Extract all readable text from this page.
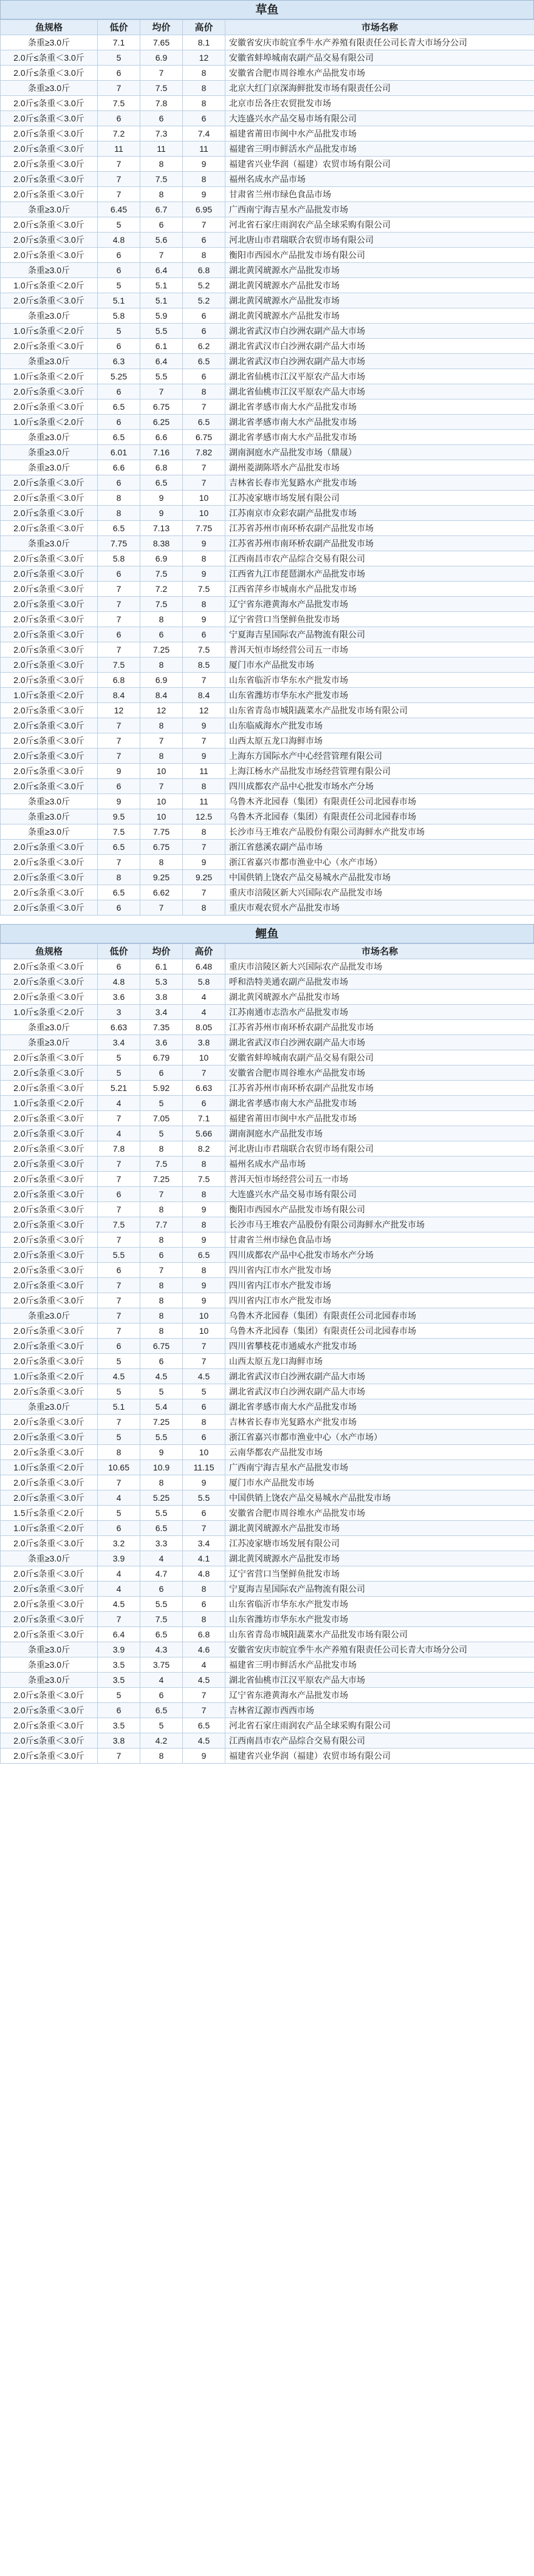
草鱼
鱼规格	低价	均价	高价	市场名称
条重≥3.0斤	7.1	7.65	8.1	安徽省安庆市皖宜季牛水产养殖有限责任公司长青大市场分公司
2.0斤≤条重＜3.0斤	5	6.9	12	安徽省蚌埠城南农副产品交易有限公司
2.0斤≤条重＜3.0斤	6	7	8	安徽省合肥市周谷堆水产品批发市场
条重≥3.0斤	7	7.5	8	北京大红门京深海鲜批发市场有限责任公司
2.0斤≤条重＜3.0斤	7.5	7.8	8	北京市岳各庄农贸批发市场
2.0斤≤条重＜3.0斤	6	6	6	大连盛兴水产品交易市场有限公司
2.0斤≤条重＜3.0斤	7.2	7.3	7.4	福建省莆田市闽中水产品批发市场
2.0斤≤条重＜3.0斤	11	11	11	福建省三明市鲜活水产品批发市场
2.0斤≤条重＜3.0斤	7	8	9	福建省兴业华润（福建）农贸市场有限公司
2.0斤≤条重＜3.0斤	7	7.5	8	福州名成水产品市场
2.0斤≤条重＜3.0斤	7	8	9	甘肃省兰州市绿色食品市场
条重≥3.0斤	6.45	6.7	6.95	广西南宁海吉星水产品批发市场
2.0斤≤条重＜3.0斤	5	6	7	河北省石家庄雨润农产品全球采购有限公司
2.0斤≤条重＜3.0斤	4.8	5.6	6	河北唐山市君瑞联合农贸市场有限公司
2.0斤≤条重＜3.0斤	6	7	8	衡阳市西园水产品批发市场有限公司
条重≥3.0斤	6	6.4	6.8	湖北黄冈琥源水产品批发市场
1.0斤≤条重＜2.0斤	5	5.1	5.2	湖北黄冈琥源水产品批发市场
2.0斤≤条重＜3.0斤	5.1	5.1	5.2	湖北黄冈琥源水产品批发市场
条重≥3.0斤	5.8	5.9	6	湖北黄冈琥源水产品批发市场
1.0斤≤条重＜2.0斤	5	5.5	6	湖北省武汉市白沙洲农副产品大市场
2.0斤≤条重＜3.0斤	6	6.1	6.2	湖北省武汉市白沙洲农副产品大市场
条重≥3.0斤	6.3	6.4	6.5	湖北省武汉市白沙洲农副产品大市场
1.0斤≤条重＜2.0斤	5.25	5.5	6	湖北省仙桃市江汉平原农产品大市场
2.0斤≤条重＜3.0斤	6	7	8	湖北省仙桃市江汉平原农产品大市场
2.0斤≤条重＜3.0斤	6.5	6.75	7	湖北省孝感市南大水产品批发市场
1.0斤≤条重＜2.0斤	6	6.25	6.5	湖北省孝感市南大水产品批发市场
条重≥3.0斤	6.5	6.6	6.75	湖北省孝感市南大水产品批发市场
条重≥3.0斤	6.01	7.16	7.82	湖南洞庭水产品批发市场（鼎晟）
条重≥3.0斤	6.6	6.8	7	湖州菱湖陈塔水产品批发市场
2.0斤≤条重＜3.0斤	6	6.5	7	吉林省长春市光复路水产批发市场
2.0斤≤条重＜3.0斤	8	9	10	江苏凌家塘市场发展有限公司
2.0斤≤条重＜3.0斤	8	9	10	江苏南京市众彩农副产品批发市场
2.0斤≤条重＜3.0斤	6.5	7.13	7.75	江苏省苏州市南环桥农副产品批发市场
条重≥3.0斤	7.75	8.38	9	江苏省苏州市南环桥农副产品批发市场
2.0斤≤条重＜3.0斤	5.8	6.9	8	江西南昌市农产品综合交易有限公司
2.0斤≤条重＜3.0斤	6	7.5	9	江西省九江市琵琶湖水产品批发市场
2.0斤≤条重＜3.0斤	7	7.2	7.5	江西省萍乡市城南水产品批发市场
2.0斤≤条重＜3.0斤	7	7.5	8	辽宁省东港黄海水产品批发市场
2.0斤≤条重＜3.0斤	7	8	9	辽宁省营口当堡鲜鱼批发市场
2.0斤≤条重＜3.0斤	6	6	6	宁夏海吉星国际农产品物流有限公司
2.0斤≤条重＜3.0斤	7	7.25	7.5	普洱天恒市场经营公司五一市场
2.0斤≤条重＜3.0斤	7.5	8	8.5	厦门市水产品批发市场
2.0斤≤条重＜3.0斤	6.8	6.9	7	山东省临沂市华东水产批发市场
1.0斤≤条重＜2.0斤	8.4	8.4	8.4	山东省潍坊市华东水产批发市场
2.0斤≤条重＜3.0斤	12	12	12	山东省青岛市城阳蔬菜水产品批发市场有限公司
2.0斤≤条重＜3.0斤	7	8	9	山东临威海水产批发市场
2.0斤≤条重＜3.0斤	7	7	7	山西太原五龙口海鲜市场
2.0斤≤条重＜3.0斤	7	8	9	上海东方国际水产中心经营管理有限公司
2.0斤≤条重＜3.0斤	9	10	11	上海江杨水产品批发市场经营管理有限公司
2.0斤≤条重＜3.0斤	6	7	8	四川成都农产品中心批发市场水产分场
条重≥3.0斤	9	10	11	乌鲁木齐北园春（集团）有限责任公司北园春市场
条重≥3.0斤	9.5	10	12.5	乌鲁木齐北园春（集团）有限责任公司北园春市场
条重≥3.0斤	7.5	7.75	8	长沙市马王堆农产品股份有限公司海鲜水产批发市场
2.0斤≤条重＜3.0斤	6.5	6.75	7	浙江省慈溪农副产品市场
2.0斤≤条重＜3.0斤	7	8	9	浙江省嘉兴市都市渔业中心（水产市场）
2.0斤≤条重＜3.0斤	8	9.25	9.25	中国供销上饶农产品交易城水产品批发市场
2.0斤≤条重＜3.0斤	6.5	6.62	7	重庆市涪陵区新大兴国际农产品批发市场
2.0斤≤条重＜3.0斤	6	7	8	重庆市观农贸水产品批发市场
鲤鱼
鱼规格	低价	均价	高价	市场名称
2.0斤≤条重＜3.0斤	6	6.1	6.48	重庆市涪陵区新大兴国际农产品批发市场
2.0斤≤条重＜3.0斤	4.8	5.3	5.8	呼和浩特美通农副产品批发市场
2.0斤≤条重＜3.0斤	3.6	3.8	4	湖北黄冈琥源水产品批发市场
1.0斤≤条重＜2.0斤	3	3.4	4	江苏南通市志浩水产品批发市场
条重≥3.0斤	6.63	7.35	8.05	江苏省苏州市南环桥农副产品批发市场
条重≥3.0斤	3.4	3.6	3.8	湖北省武汉市白沙洲农副产品大市场
2.0斤≤条重＜3.0斤	5	6.79	10	安徽省蚌埠城南农副产品交易有限公司
2.0斤≤条重＜3.0斤	5	6	7	安徽省合肥市周谷堆水产品批发市场
2.0斤≤条重＜3.0斤	5.21	5.92	6.63	江苏省苏州市南环桥农副产品批发市场
1.0斤≤条重＜2.0斤	4	5	6	湖北省孝感市南大水产品批发市场
2.0斤≤条重＜3.0斤	7	7.05	7.1	福建省莆田市闽中水产品批发市场
2.0斤≤条重＜3.0斤	4	5	5.66	湖南洞庭水产品批发市场
2.0斤≤条重＜3.0斤	7.8	8	8.2	河北唐山市君瑞联合农贸市场有限公司
2.0斤≤条重＜3.0斤	7	7.5	8	福州名成水产品市场
2.0斤≤条重＜3.0斤	7	7.25	7.5	普洱天恒市场经营公司五一市场
2.0斤≤条重＜3.0斤	6	7	8	大连盛兴水产品交易市场有限公司
2.0斤≤条重＜3.0斤	7	8	9	衡阳市西园水产品批发市场有限公司
2.0斤≤条重＜3.0斤	7.5	7.7	8	长沙市马王堆农产品股份有限公司海鲜水产批发市场
2.0斤≤条重＜3.0斤	7	8	9	甘肃省兰州市绿色食品市场
2.0斤≤条重＜3.0斤	5.5	6	6.5	四川成都农产品中心批发市场水产分场
2.0斤≤条重＜3.0斤	6	7	8	四川省内江市水产批发市场
2.0斤≤条重＜3.0斤	7	8	9	四川省内江市水产批发市场
2.0斤≤条重＜3.0斤	7	8	9	四川省内江市水产批发市场
条重≥3.0斤	7	8	10	乌鲁木齐北园春（集团）有限责任公司北园春市场
2.0斤≤条重＜3.0斤	7	8	10	乌鲁木齐北园春（集团）有限责任公司北园春市场
2.0斤≤条重＜3.0斤	6	6.75	7	四川省攀枝花市通威水产批发市场
2.0斤≤条重＜3.0斤	5	6	7	山西太原五龙口海鲜市场
1.0斤≤条重＜2.0斤	4.5	4.5	4.5	湖北省武汉市白沙洲农副产品大市场
2.0斤≤条重＜3.0斤	5	5	5	湖北省武汉市白沙洲农副产品大市场
条重≥3.0斤	5.1	5.4	6	湖北省孝感市南大水产品批发市场
2.0斤≤条重＜3.0斤	7	7.25	8	吉林省长春市光复路水产批发市场
2.0斤≤条重＜3.0斤	5	5.5	6	浙江省嘉兴市都市渔业中心（水产市场）
2.0斤≤条重＜3.0斤	8	9	10	云南华都农产品批发市场
1.0斤≤条重＜2.0斤	10.65	10.9	11.15	广西南宁海吉星水产品批发市场
2.0斤≤条重＜3.0斤	7	8	9	厦门市水产品批发市场
2.0斤≤条重＜3.0斤	4	5.25	5.5	中国供销上饶农产品交易城水产品批发市场
1.5斤≤条重＜2.0斤	5	5.5	6	安徽省合肥市周谷堆水产品批发市场
1.0斤≤条重＜2.0斤	6	6.5	7	湖北黄冈琥源水产品批发市场
2.0斤≤条重＜3.0斤	3.2	3.3	3.4	江苏凌家塘市场发展有限公司
条重≥3.0斤	3.9	4	4.1	湖北黄冈琥源水产品批发市场
2.0斤≤条重＜3.0斤	4	4.7	4.8	辽宁省营口当堡鲜鱼批发市场
2.0斤≤条重＜3.0斤	4	6	8	宁夏海吉星国际农产品物流有限公司
2.0斤≤条重＜3.0斤	4.5	5.5	6	山东省临沂市华东水产批发市场
2.0斤≤条重＜3.0斤	7	7.5	8	山东省潍坊市华东水产批发市场
2.0斤≤条重＜3.0斤	6.4	6.5	6.8	山东省青岛市城阳蔬菜水产品批发市场有限公司
条重≥3.0斤	3.9	4.3	4.6	安徽省安庆市皖宜季牛水产养殖有限责任公司长青大市场分公司
条重≥3.0斤	3.5	3.75	4	福建省三明市鲜活水产品批发市场
条重≥3.0斤	3.5	4	4.5	湖北省仙桃市江汉平原农产品大市场
2.0斤≤条重＜3.0斤	5	6	7	辽宁省东港黄海水产品批发市场
2.0斤≤条重＜3.0斤	6	6.5	7	吉林省辽源市西西市场
2.0斤≤条重＜3.0斤	3.5	5	6.5	河北省石家庄雨润农产品全球采购有限公司
2.0斤≤条重＜3.0斤	3.8	4.2	4.5	江西南昌市农产品综合交易有限公司
2.0斤≤条重＜3.0斤	7	8	9	福建省兴业华润（福建）农贸市场有限公司
